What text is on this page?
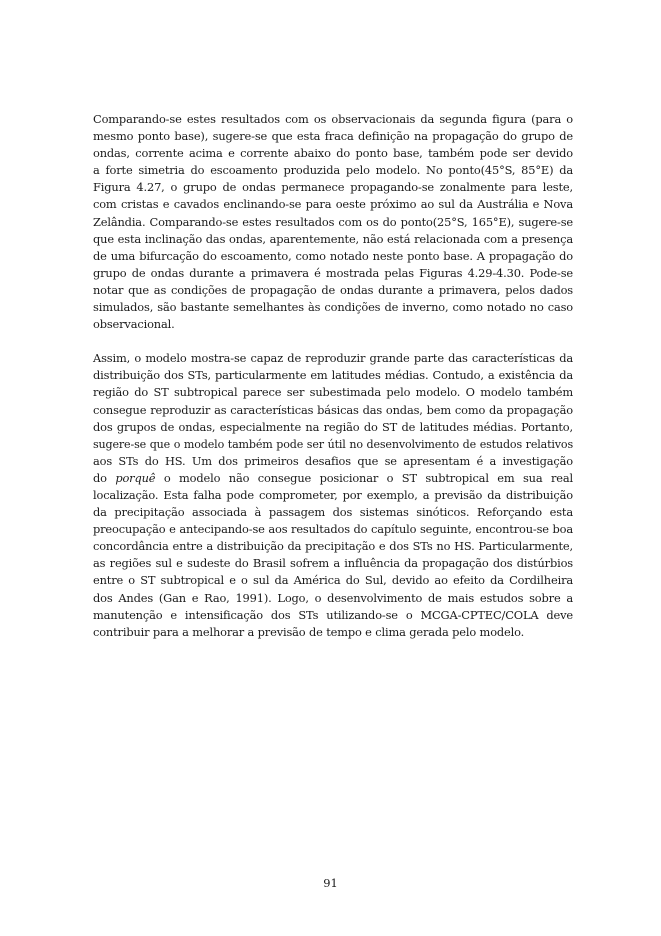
Comparando-se estes resultados com os observacionais da segunda figura (para o
mesmo ponto base), sugere-se que esta fraca definição na propagação do grupo de
ondas, corrente acima e corrente abaixo do ponto base, também pode ser devido
a forte simetria do escoamento produzida pelo modelo. No ponto(45°S, 85°E) da
Figura 4.27, o grupo de ondas permanece propagando-se zonalmente para leste,
com cristas e cavados enclinando-se para oeste próximo ao sul da Austrália e Nova
Zelândia. Comparando-se estes resultados com os do ponto(25°S, 165°E), sugere-se
que esta inclinação das ondas, aparentemente, não está relacionada com a presença
de uma bifurcação do escoamento, como notado neste ponto base. A propagação do
grupo de ondas durante a primavera é mostrada pelas Figuras 4.29-4.30. Pode-se
notar que as condições de propagação de ondas durante a primavera, pelos dados
simulados, são bastante semelhantes às condições de inverno, como notado no caso
observacional.
Assim, o modelo mostra-se capaz de reproduzir grande parte das características da
distribuição dos STs, particularmente em latitudes médias. Contudo, a existência da
região do ST subtropical parece ser subestimada pelo modelo. O modelo também
consegue reproduzir as características básicas das ondas, bem como da propagação
dos grupos de ondas, especialmente na região do ST de latitudes médias. Portanto,
sugere-se que o modelo também pode ser útil no desenvolvimento de estudos relativos
aos STs do HS. Um dos primeiros desafios que se apresentam é a investigação
do porquê o modelo não consegue posicionar o ST subtropical em sua real
localização. Esta falha pode comprometer, por exemplo, a previsão da distribuição
da precipitação associada à passagem dos sistemas sinóticos. Reforçando esta
preocupação e antecipando-se aos resultados do capítulo seguinte, encontrou-se boa
concordância entre a distribuição da precipitação e dos STs no HS. Particularmente,
as regiões sul e sudeste do Brasil sofrem a influência da propagação dos distúrbios
entre o ST subtropical e o sul da América do Sul, devido ao efeito da Cordilheira
dos Andes (Gan e Rao, 1991). Logo, o desenvolvimento de mais estudos sobre a
manutenção e intensificação dos STs utilizando-se o MCGA-CPTEC/COLA deve
contribuir para a melhorar a previsão de tempo e clima gerada pelo modelo.
91
